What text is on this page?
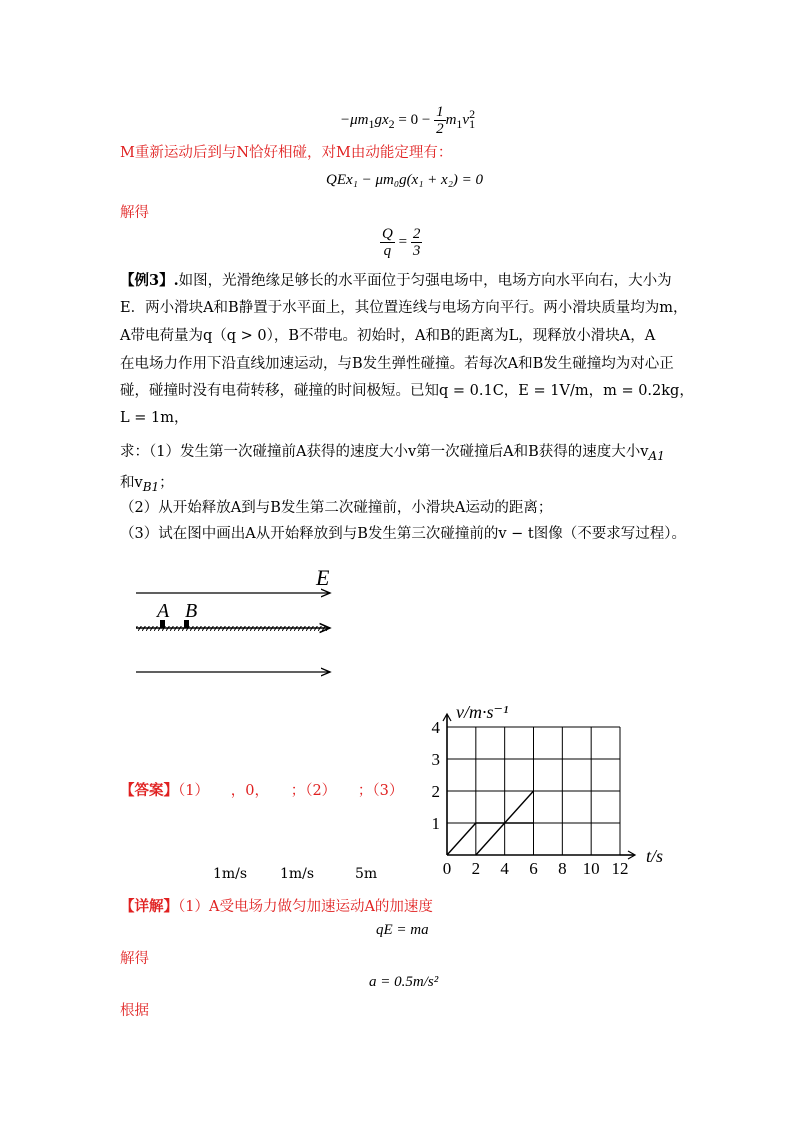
$-\mu m_1gx_2 = 0 - \frac{1}{2} m_1v_1^2$
M重新运动后到与N恰好相碰，对M由动能定理有：
QEx₁ − μm₀g(x₁ + x₂) = 0
解得
$\frac{Q}{q} = \frac{2}{3}$
【例3】.如图，光滑绝缘足够长的水平面位于匀强电场中，电场方向水平向右，大小为
E．两小滑块A和B静置于水平面上，其位置连线与电场方向平行。两小滑块质量均为m，
A带电荷量为q（q > 0），B不带电。初始时，A和B的距离为L，现释放小滑块A，A
在电场力作用下沿直线加速运动，与B发生弹性碰撞。若每次A和B发生碰撞均为对心正
碰，碰撞时没有电荷转移，碰撞的时间极短。已知q = 0.1C，E = 1V/m，m = 0.2kg，
L = 1m，
求：（1）发生第一次碰撞前A获得的速度大小v第一次碰撞后A和B获得的速度大小$v_{A1}$
和$v_{B1}$；
（2）从开始释放A到与B发生第二次碰撞前，小滑块A运动的距离；
（3）试在图中画出A从开始释放到与B发生第三次碰撞前的v − t图像（不要求写过程）。
E
A B
【答案】（1）　　，0，　　；（2）　　；（3）
1m/s 1m/s	5m
v/m·s⁻¹
t/s
0 2 4 6 8 10 12
1
2
3
4
【详解】（1）A受电场力做匀加速运动A的加速度
qE = ma
解得
a = 0.5m/s²
根据
